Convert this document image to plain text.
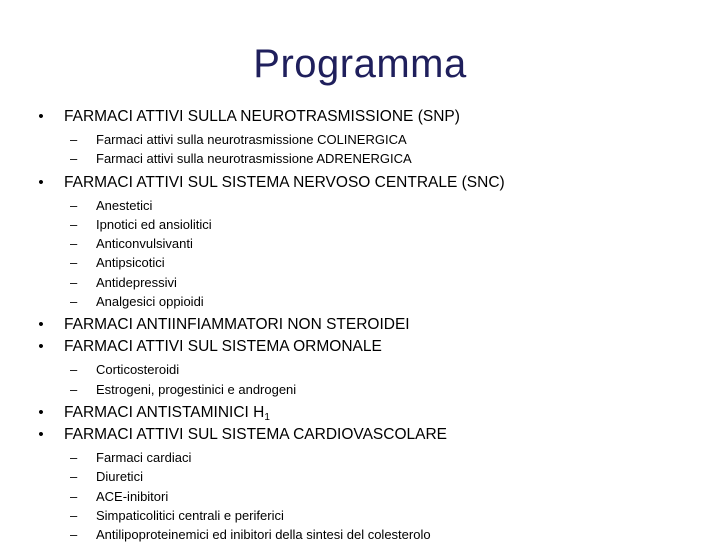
Programma
• FARMACI ATTIVI SULLA NEUROTRASMISSIONE (SNP)
– Farmaci attivi sulla neurotrasmissione COLINERGICA
– Farmaci attivi sulla neurotrasmissione ADRENERGICA
• FARMACI ATTIVI SUL SISTEMA NERVOSO CENTRALE (SNC)
– Anestetici
– Ipnotici ed ansiolitici
– Anticonvulsivanti
– Antipsicotici
– Antidepressivi
– Analgesici oppioidi
• FARMACI ANTIINFIAMMATORI NON STEROIDEI
• FARMACI ATTIVI SUL SISTEMA ORMONALE
– Corticosteroidi
– Estrogeni, progestinici e androgeni
• FARMACI ANTISTAMINICI $H_1$
• FARMACI ATTIVI SUL SISTEMA CARDIOVASCOLARE
– Farmaci cardiaci
– Diuretici
– ACE-inibitori
– Simpaticolitici centrali e periferici
– Antilipoproteinemici ed inibitori della sintesi del colesterolo
